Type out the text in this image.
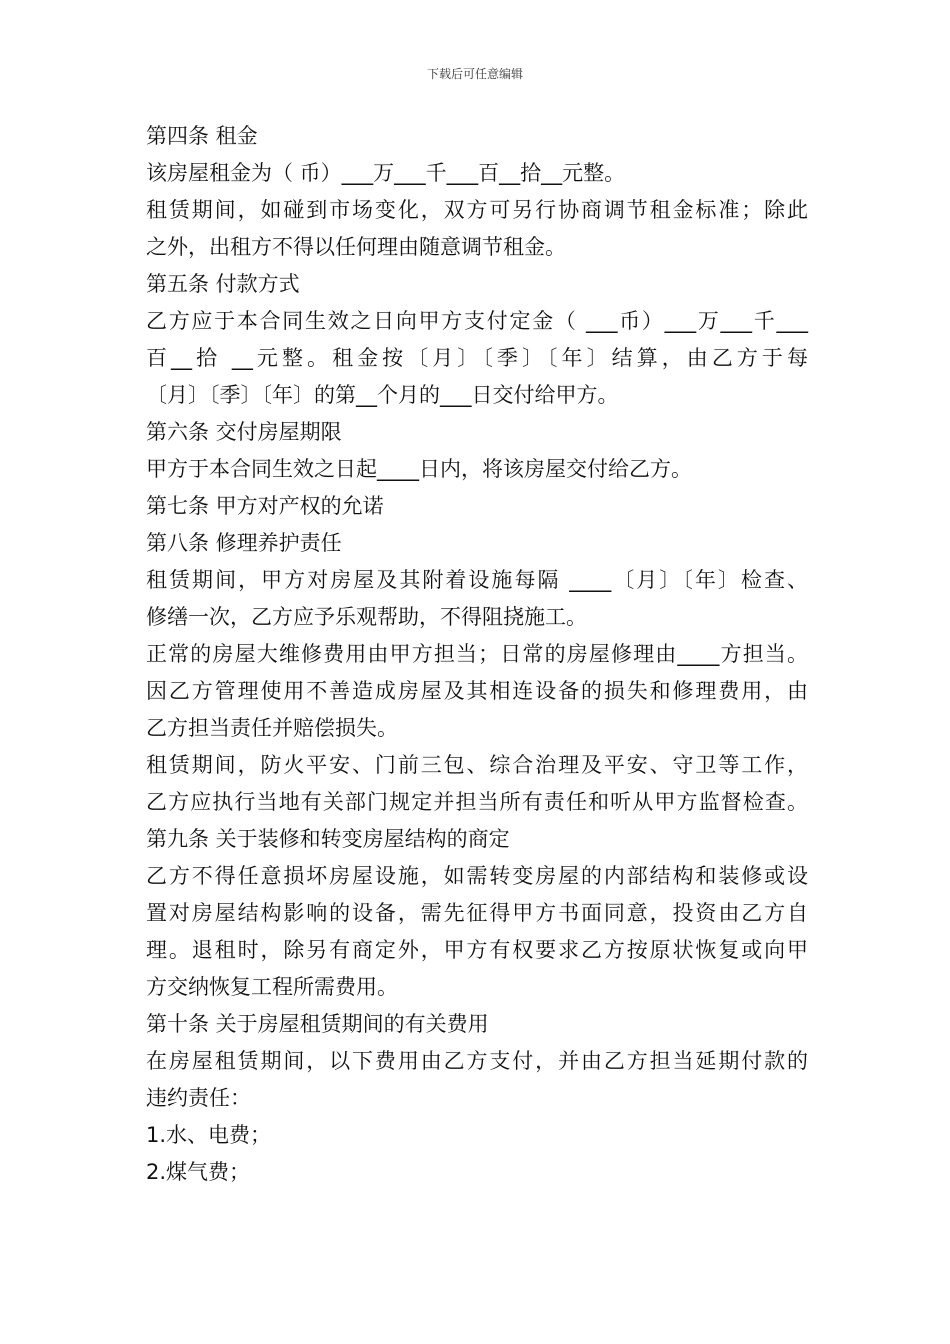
下载后可任意编辑
第四条 租金
该房屋租金为（ 币）___万___千___百__拾__元整。
租赁期间，如碰到市场变化，双方可另行协商调节租金标准；除此
之外，出租方不得以任何理由随意调节租金。
第五条 付款方式
乙方应于本合同生效之日向甲方支付定金（ ___币）___万___千___
百__拾 __元整。租金按〔月〕〔季〕〔年〕结算，由乙方于每
〔月〕〔季〕〔年〕的第__个月的___日交付给甲方。
第六条 交付房屋期限
甲方于本合同生效之日起____日内，将该房屋交付给乙方。
第七条 甲方对产权的允诺
第八条 修理养护责任
租赁期间，甲方对房屋及其附着设施每隔 ____〔月〕〔年〕检查、
修缮一次，乙方应予乐观帮助，不得阻挠施工。
正常的房屋大维修费用由甲方担当；日常的房屋修理由____方担当。
因乙方管理使用不善造成房屋及其相连设备的损失和修理费用，由
乙方担当责任并赔偿损失。
租赁期间，防火平安、门前三包、综合治理及平安、守卫等工作，
乙方应执行当地有关部门规定并担当所有责任和听从甲方监督检查。
第九条 关于装修和转变房屋结构的商定
乙方不得任意损坏房屋设施，如需转变房屋的内部结构和装修或设
置对房屋结构影响的设备，需先征得甲方书面同意，投资由乙方自
理。退租时，除另有商定外，甲方有权要求乙方按原状恢复或向甲
方交纳恢复工程所需费用。
第十条 关于房屋租赁期间的有关费用
在房屋租赁期间，以下费用由乙方支付，并由乙方担当延期付款的
违约责任：
1.水、电费；
2.煤气费；
